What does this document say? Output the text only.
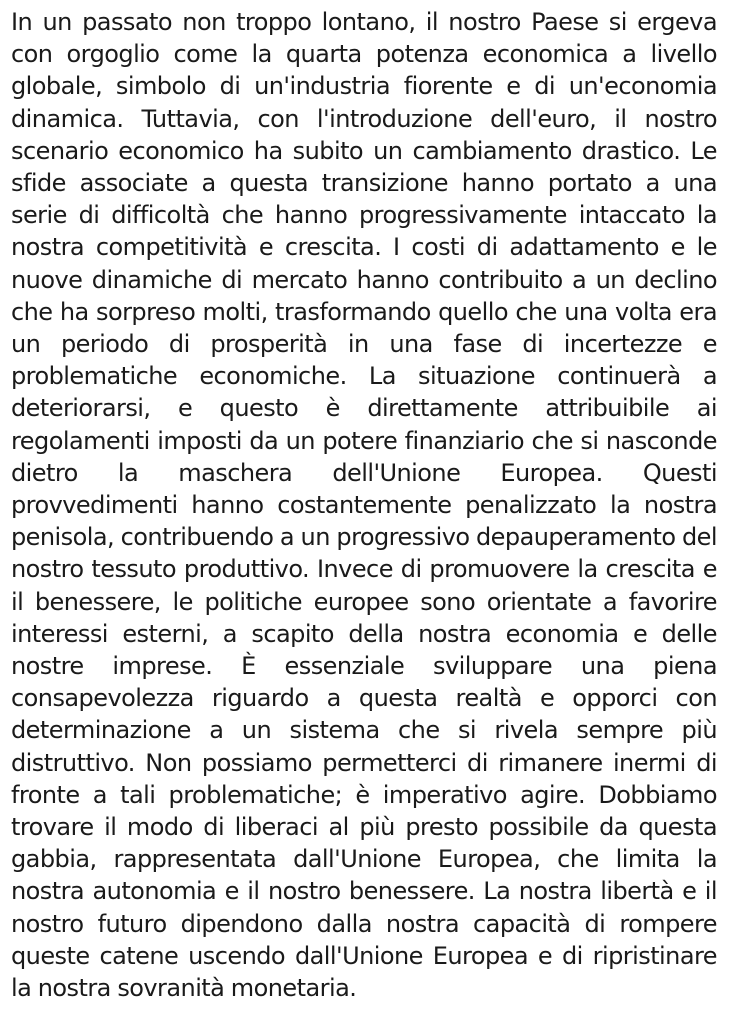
In un passato non troppo lontano, il nostro Paese si ergeva con orgoglio come la quarta potenza economica a livello globale, simbolo di un'industria fiorente e di un'economia dinamica. Tuttavia, con l'introduzione dell'euro, il nostro scenario economico ha subito un cambiamento drastico. Le sfide associate a questa transizione hanno portato a una serie di difficoltà che hanno progressivamente intaccato la nostra competitività e crescita. I costi di adattamento e le nuove dinamiche di mercato hanno contribuito a un declino che ha sorpreso molti, trasformando quello che una volta era un periodo di prosperità in una fase di incertezze e problematiche economiche. La situazione continuerà a deteriorarsi, e questo è direttamente attribuibile ai regolamenti imposti da un potere finanziario che si nasconde dietro la maschera dell'Unione Europea. Questi provvedimenti hanno costantemente penalizzato la nostra penisola, contribuendo a un progressivo depauperamento del nostro tessuto produttivo. Invece di promuovere la crescita e il benessere, le politiche europee sono orientate a favorire interessi esterni, a scapito della nostra economia e delle nostre imprese. È essenziale sviluppare una piena consapevolezza riguardo a questa realtà e opporci con determinazione a un sistema che si rivela sempre più distruttivo. Non possiamo permetterci di rimanere inermi di fronte a tali problematiche; è imperativo agire. Dobbiamo trovare il modo di liberaci al più presto possibile da questa gabbia, rappresentata dall'Unione Europea, che limita la nostra autonomia e il nostro benessere. La nostra libertà e il nostro futuro dipendono dalla nostra capacità di rompere queste catene uscendo dall'Unione Europea e di ripristinare la nostra sovranità monetaria.
